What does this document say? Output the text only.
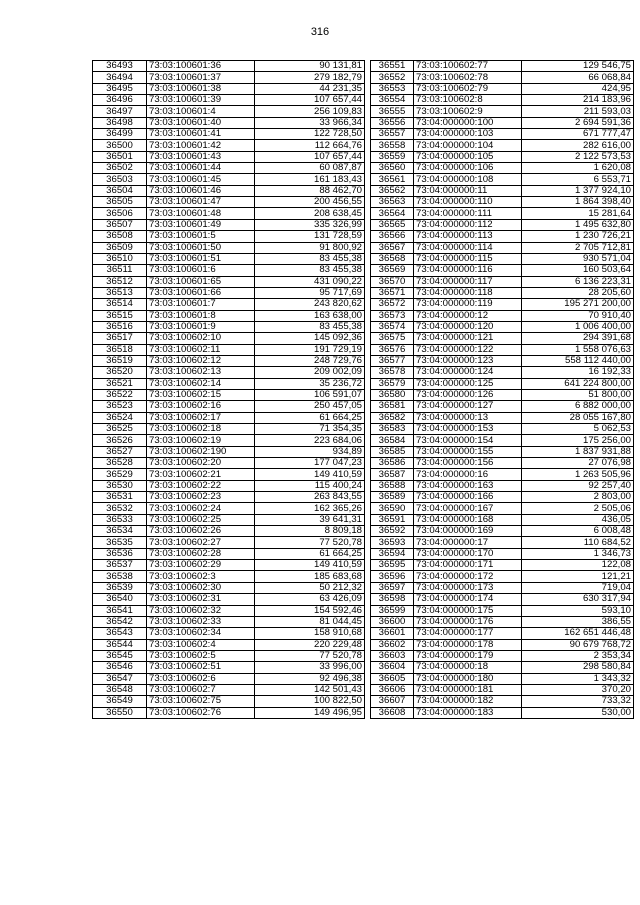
316
36493	73:03:100601:36	90 131,81
36494	73:03:100601:37	279 182,79
36495	73:03:100601:38	44 231,35
36496	73:03:100601:39	107 657,44
36497	73:03:100601:4	256 109,83
36498	73:03:100601:40	33 966,34
36499	73:03:100601:41	122 728,50
36500	73:03:100601:42	112 664,76
36501	73:03:100601:43	107 657,44
36502	73:03:100601:44	60 087,87
36503	73:03:100601:45	161 183,43
36504	73:03:100601:46	88 462,70
36505	73:03:100601:47	200 456,55
36506	73:03:100601:48	208 638,45
36507	73:03:100601:49	335 326,99
36508	73:03:100601:5	131 728,59
36509	73:03:100601:50	91 800,92
36510	73:03:100601:51	83 455,38
36511	73:03:100601:6	83 455,38
36512	73:03:100601:65	431 090,22
36513	73:03:100601:66	95 717,69
36514	73:03:100601:7	243 820,62
36515	73:03:100601:8	163 638,00
36516	73:03:100601:9	83 455,38
36517	73:03:100602:10	145 092,36
36518	73:03:100602:11	191 729,19
36519	73:03:100602:12	248 729,76
36520	73:03:100602:13	209 002,09
36521	73:03:100602:14	35 236,72
36522	73:03:100602:15	106 591,07
36523	73:03:100602:16	250 457,05
36524	73:03:100602:17	61 664,25
36525	73:03:100602:18	71 354,35
36526	73:03:100602:19	223 684,06
36527	73:03:100602:190	934,89
36528	73:03:100602:20	177 047,23
36529	73:03:100602:21	149 410,59
36530	73:03:100602:22	115 400,24
36531	73:03:100602:23	263 843,55
36532	73:03:100602:24	162 365,26
36533	73:03:100602:25	39 641,31
36534	73:03:100602:26	8 809,18
36535	73:03:100602:27	77 520,78
36536	73:03:100602:28	61 664,25
36537	73:03:100602:29	149 410,59
36538	73:03:100602:3	185 683,68
36539	73:03:100602:30	50 212,32
36540	73:03:100602:31	63 426,09
36541	73:03:100602:32	154 592,46
36542	73:03:100602:33	81 044,45
36543	73:03:100602:34	158 910,68
36544	73:03:100602:4	220 229,48
36545	73:03:100602:5	77 520,78
36546	73:03:100602:51	33 996,00
36547	73:03:100602:6	92 496,38
36548	73:03:100602:7	142 501,43
36549	73:03:100602:75	100 822,50
36550	73:03:100602:76	149 496,95
36551	73:03:100602:77	129 546,75
36552	73:03:100602:78	66 068,84
36553	73:03:100602:79	424,95
36554	73:03:100602:8	214 183,96
36555	73:03:100602:9	211 593,03
36556	73:04:000000:100	2 694 591,36
36557	73:04:000000:103	671 777,47
36558	73:04:000000:104	282 616,00
36559	73:04:000000:105	2 122 573,53
36560	73:04:000000:106	1 620,08
36561	73:04:000000:108	6 553,71
36562	73:04:000000:11	1 377 924,10
36563	73:04:000000:110	1 864 398,40
36564	73:04:000000:111	15 281,64
36565	73:04:000000:112	1 495 632,80
36566	73:04:000000:113	1 230 726,21
36567	73:04:000000:114	2 705 712,81
36568	73:04:000000:115	930 571,04
36569	73:04:000000:116	160 503,64
36570	73:04:000000:117	6 136 223,31
36571	73:04:000000:118	28 205,60
36572	73:04:000000:119	195 271 200,00
36573	73:04:000000:12	70 910,40
36574	73:04:000000:120	1 006 400,00
36575	73:04:000000:121	294 391,68
36576	73:04:000000:122	1 558 076,63
36577	73:04:000000:123	558 112 440,00
36578	73:04:000000:124	16 192,33
36579	73:04:000000:125	641 224 800,00
36580	73:04:000000:126	51 800,00
36581	73:04:000000:127	6 882 000,00
36582	73:04:000000:13	28 055 167,80
36583	73:04:000000:153	5 062,53
36584	73:04:000000:154	175 256,00
36585	73:04:000000:155	1 837 931,88
36586	73:04:000000:156	27 076,98
36587	73:04:000000:16	1 263 505,96
36588	73:04:000000:163	92 257,40
36589	73:04:000000:166	2 803,00
36590	73:04:000000:167	2 505,06
36591	73:04:000000:168	436,05
36592	73:04:000000:169	6 008,48
36593	73:04:000000:17	110 684,52
36594	73:04:000000:170	1 346,73
36595	73:04:000000:171	122,08
36596	73:04:000000:172	121,21
36597	73:04:000000:173	719,04
36598	73:04:000000:174	630 317,94
36599	73:04:000000:175	593,10
36600	73:04:000000:176	386,55
36601	73:04:000000:177	162 651 446,48
36602	73:04:000000:178	90 679 768,72
36603	73:04:000000:179	2 353,34
36604	73:04:000000:18	298 580,84
36605	73:04:000000:180	1 343,32
36606	73:04:000000:181	370,20
36607	73:04:000000:182	733,32
36608	73:04:000000:183	530,00
